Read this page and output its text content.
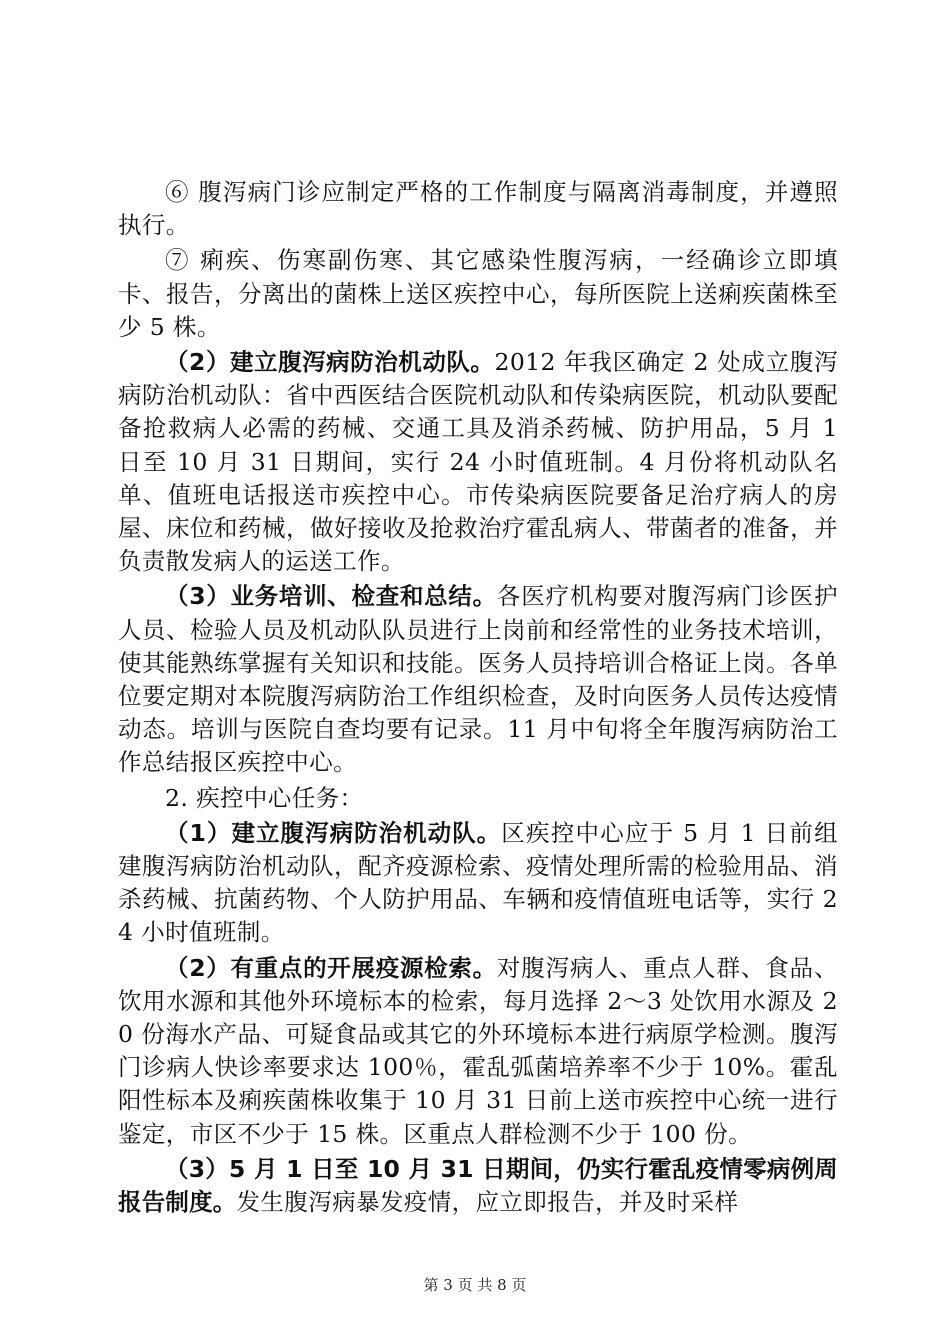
⑥ 腹泻病门诊应制定严格的工作制度与隔离消毒制度，并遵照执行。

⑦ 痢疾、伤寒副伤寒、其它感染性腹泻病，一经确诊立即填卡、报告，分离出的菌株上送区疾控中心，每所医院上送痢疾菌株至少 5 株。

（2）建立腹泻病防治机动队。2012 年我区确定 2 处成立腹泻病防治机动队：省中西医结合医院机动队和传染病医院，机动队要配备抢救病人必需的药械、交通工具及消杀药械、防护用品，5 月 1 日至 10 月 31 日期间，实行 24 小时值班制。4 月份将机动队名单、值班电话报送市疾控中心。市传染病医院要备足治疗病人的房屋、床位和药械，做好接收及抢救治疗霍乱病人、带菌者的准备，并负责散发病人的运送工作。

（3）业务培训、检查和总结。各医疗机构要对腹泻病门诊医护人员、检验人员及机动队队员进行上岗前和经常性的业务技术培训，使其能熟练掌握有关知识和技能。医务人员持培训合格证上岗。各单位要定期对本院腹泻病防治工作组织检查，及时向医务人员传达疫情动态。培训与医院自查均要有记录。11 月中旬将全年腹泻病防治工作总结报区疾控中心。

2. 疾控中心任务：

（1）建立腹泻病防治机动队。区疾控中心应于 5 月 1 日前组建腹泻病防治机动队，配齐疫源检索、疫情处理所需的检验用品、消杀药械、抗菌药物、个人防护用品、车辆和疫情值班电话等，实行 24 小时值班制。

（2）有重点的开展疫源检索。对腹泻病人、重点人群、食品、饮用水源和其他外环境标本的检索，每月选择 2～3 处饮用水源及 20 份海水产品、可疑食品或其它的外环境标本进行病原学检测。腹泻门诊病人快诊率要求达 100％，霍乱弧菌培养率不少于 10%。霍乱阳性标本及痢疾菌株收集于 10 月 31 日前上送市疾控中心统一进行鉴定，市区不少于 15 株。区重点人群检测不少于 100 份。

（3）5 月 1 日至 10 月 31 日期间，仍实行霍乱疫情零病例周报告制度。发生腹泻病暴发疫情，应立即报告，并及时采样

第 3 页 共 8 页
